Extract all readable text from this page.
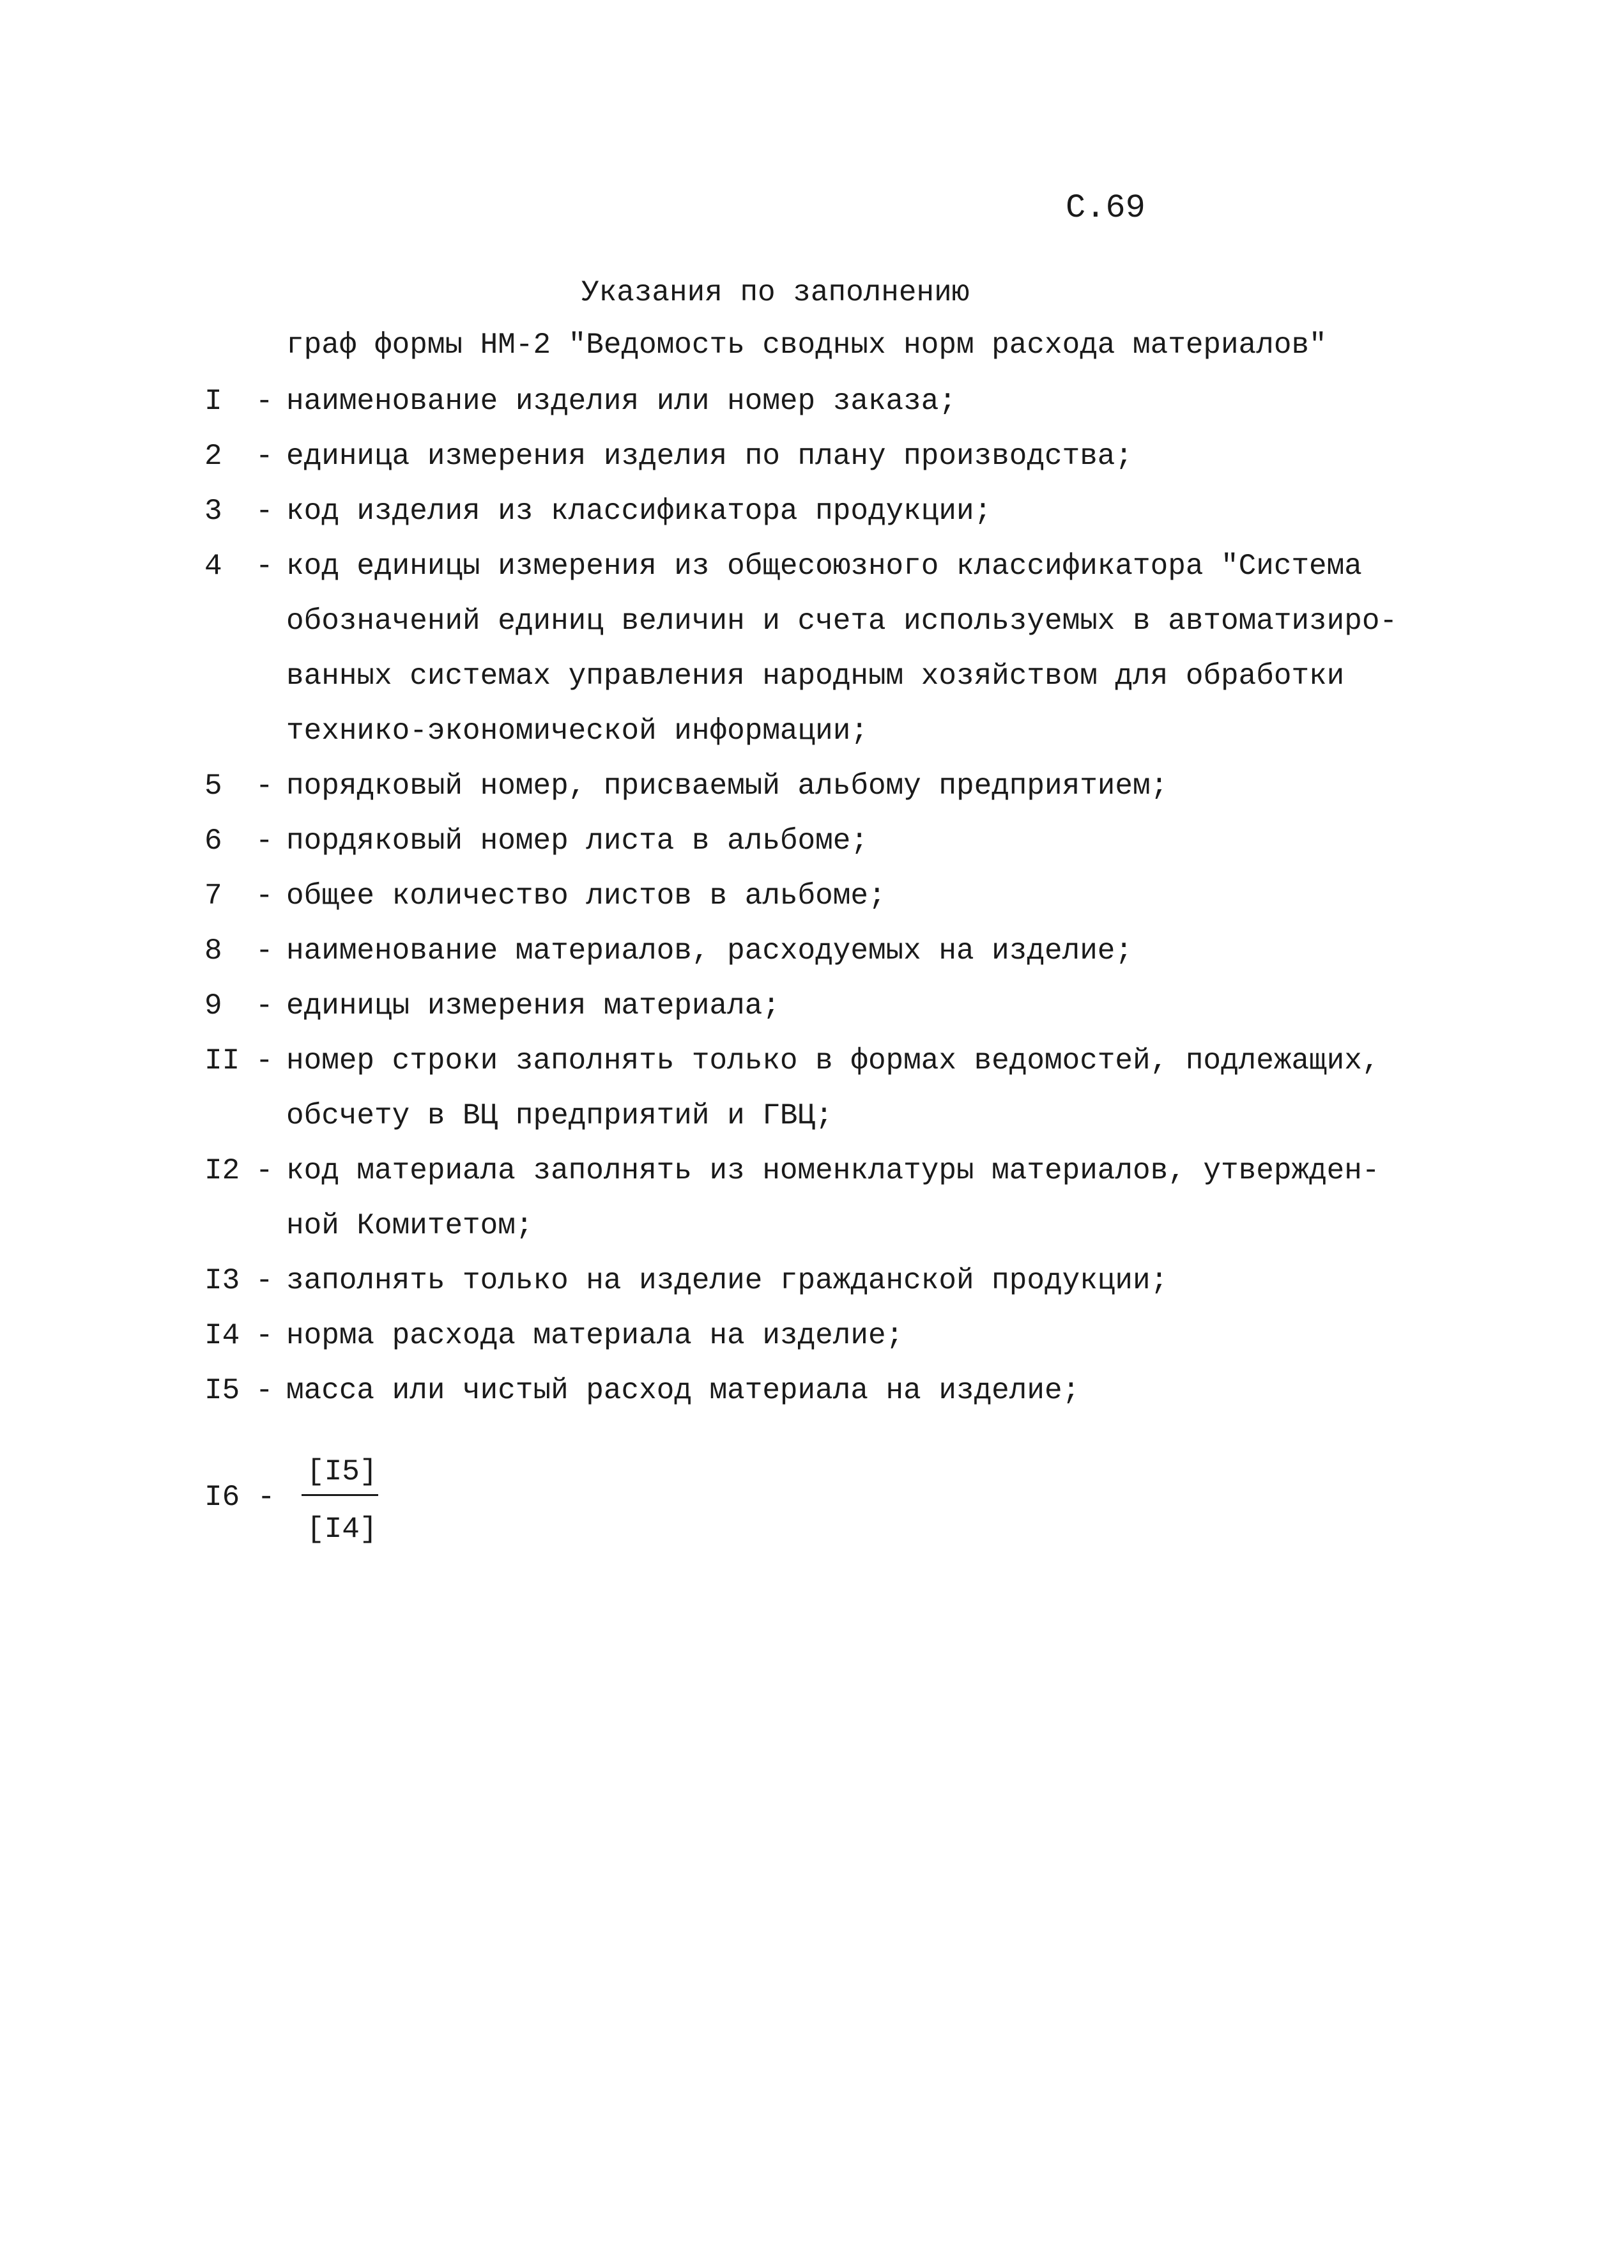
С.69
Указания по заполнению
граф формы НМ-2 "Ведомость сводных норм расхода материалов"
I	- наименование изделия или номер заказа;
2	- единица измерения изделия по плану производства;
3	- код изделия из классификатора продукции;
4	- код единицы измерения из общесоюзного классификатора "Система
обозначений единиц величин и счета используемых в автоматизиро-
ванных системах управления народным хозяйством для обработки
технико-экономической информации;
5	- порядковый номер, присваемый альбому предприятием;
6	- пордяковый номер листа в альбоме;
7	- общее количество листов в альбоме;
8	- наименование материалов, расходуемых на изделие;
9	- единицы измерения материала;
II - номер строки заполнять только в формах ведомостей, подлежащих,
обсчету в ВЦ предприятий и ГВЦ;
I2 - код материала заполнять из номенклатуры материалов, утвержден-
ной Комитетом;
I3 - заполнять только на изделие гражданской продукции;
I4 - норма расхода материала на изделие;
I5 - масса или чистый расход материала на изделие;
I6 -
[I5]
[I4]
